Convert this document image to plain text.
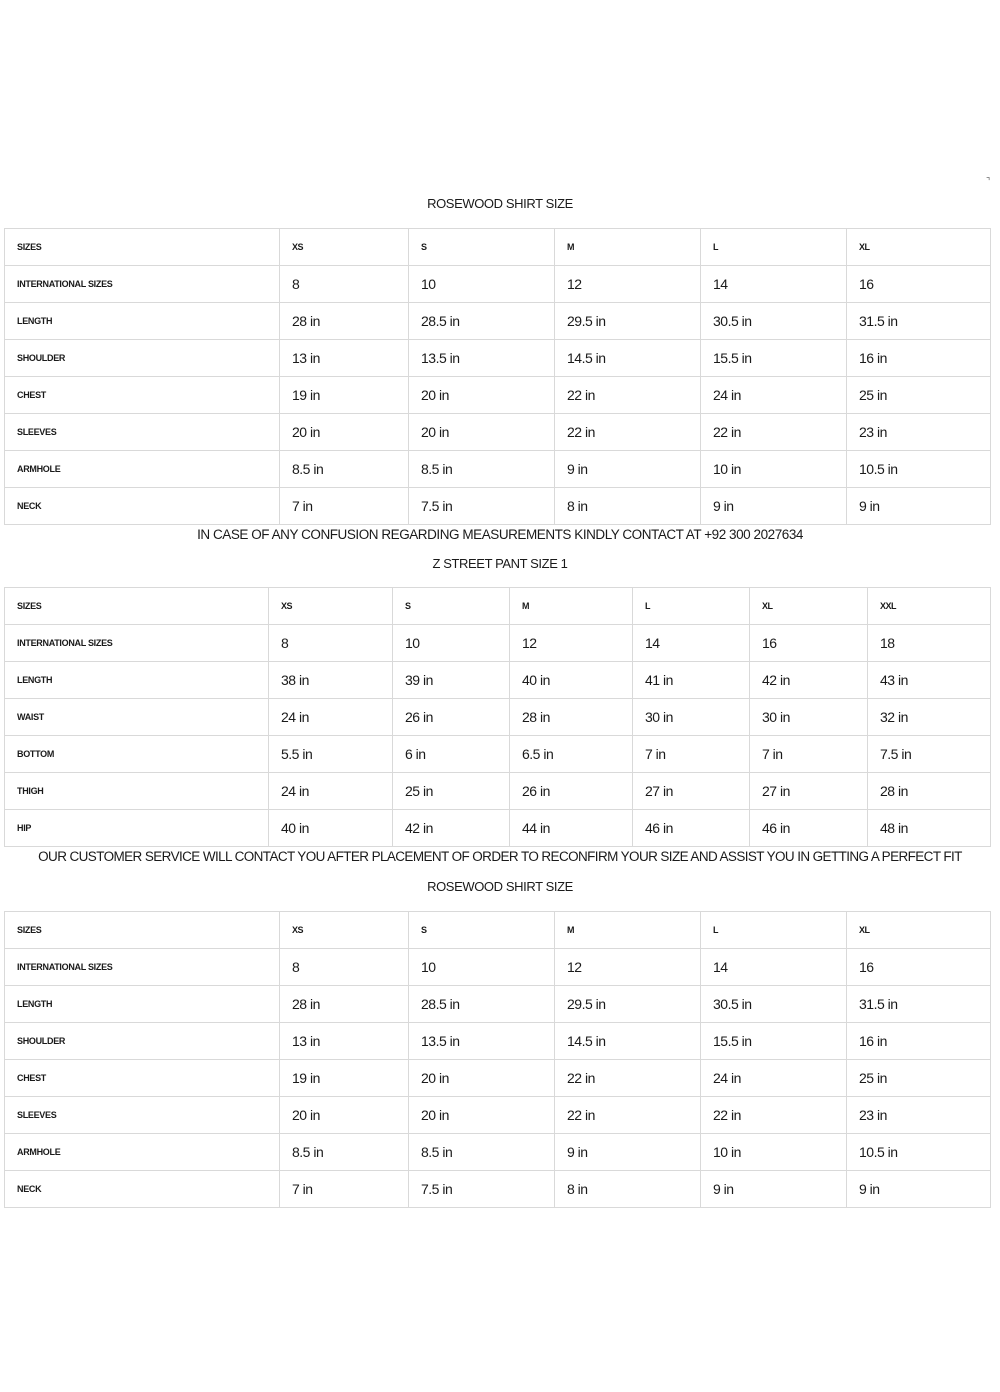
⌝
ROSEWOOD SHIRT SIZE
SIZES	XS	S	M	L	XL
INTERNATIONAL SIZES	8	10	12	14	16
LENGTH	28 in	28.5 in	29.5 in	30.5 in	31.5 in
SHOULDER	13 in	13.5 in	14.5 in	15.5 in	16 in
CHEST	19 in	20 in	22 in	24 in	25 in
SLEEVES	20 in	20 in	22 in	22 in	23 in
ARMHOLE	8.5 in	8.5 in	9 in	10 in	10.5 in
NECK	7 in	7.5 in	8 in	9 in	9 in
IN CASE OF ANY CONFUSION REGARDING MEASUREMENTS KINDLY CONTACT AT +92 300 2027634
Z STREET PANT SIZE 1
SIZES	XS	S	M	L	XL	XXL
INTERNATIONAL SIZES	8	10	12	14	16	18
LENGTH	38 in	39 in	40 in	41 in	42 in	43 in
WAIST	24 in	26 in	28 in	30 in	30 in	32 in
BOTTOM	5.5 in	6 in	6.5 in	7 in	7 in	7.5 in
THIGH	24 in	25 in	26 in	27 in	27 in	28 in
HIP	40 in	42 in	44 in	46 in	46 in	48 in
OUR CUSTOMER SERVICE WILL CONTACT YOU AFTER PLACEMENT OF ORDER TO RECONFIRM YOUR SIZE AND ASSIST YOU IN GETTING A PERFECT FIT
ROSEWOOD SHIRT SIZE
SIZES	XS	S	M	L	XL
INTERNATIONAL SIZES	8	10	12	14	16
LENGTH	28 in	28.5 in	29.5 in	30.5 in	31.5 in
SHOULDER	13 in	13.5 in	14.5 in	15.5 in	16 in
CHEST	19 in	20 in	22 in	24 in	25 in
SLEEVES	20 in	20 in	22 in	22 in	23 in
ARMHOLE	8.5 in	8.5 in	9 in	10 in	10.5 in
NECK	7 in	7.5 in	8 in	9 in	9 in
